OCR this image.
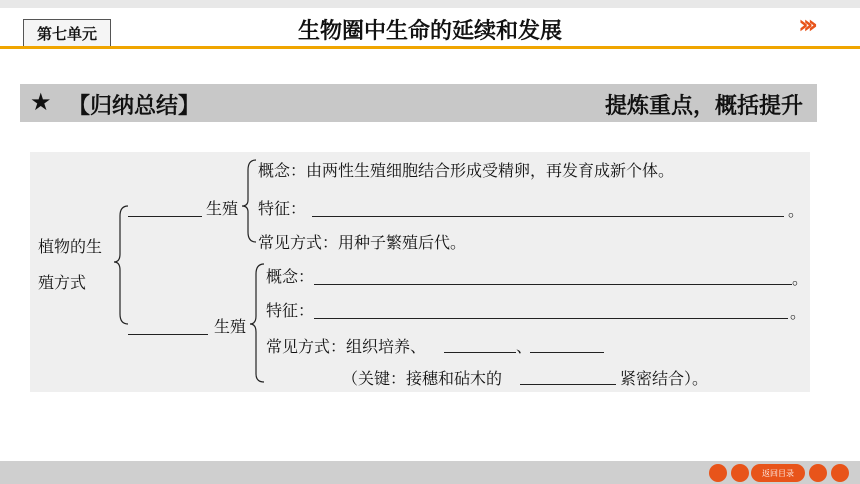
第七单元	生物圈中生命的延续和发展	›››
★ 【归纳总结】	提炼重点，概括提升
植物的生
殖方式
生殖
概念：由两性生殖细胞结合形成受精卵，再发育成新个体。
特征：	。
常见方式：用种子繁殖后代。
生殖
概念：	。
特征：	。
常见方式：组织培养、	、
（关键：接穗和砧木的	紧密结合）。
返回目录
